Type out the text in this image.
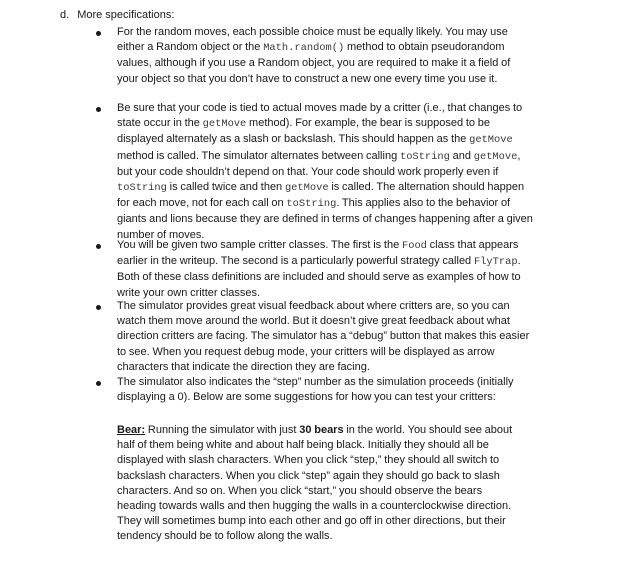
d. More specifications:
For the random moves, each possible choice must be equally likely. You may use either a Random object or the Math.random() method to obtain pseudorandom values, although if you use a Random object, you are required to make it a field of your object so that you don’t have to construct a new one every time you use it.
Be sure that your code is tied to actual moves made by a critter (i.e., that changes to state occur in the getMove method). For example, the bear is supposed to be displayed alternately as a slash or backslash. This should happen as the getMove method is called. The simulator alternates between calling toString and getMove, but your code shouldn’t depend on that. Your code should work properly even if toString is called twice and then getMove is called. The alternation should happen for each move, not for each call on toString. This applies also to the behavior of giants and lions because they are defined in terms of changes happening after a given number of moves.
You will be given two sample critter classes. The first is the Food class that appears earlier in the writeup. The second is a particularly powerful strategy called FlyTrap. Both of these class definitions are included and should serve as examples of how to write your own critter classes.
The simulator provides great visual feedback about where critters are, so you can watch them move around the world. But it doesn’t give great feedback about what direction critters are facing. The simulator has a “debug” button that makes this easier to see. When you request debug mode, your critters will be displayed as arrow characters that indicate the direction they are facing.
The simulator also indicates the “step” number as the simulation proceeds (initially displaying a 0). Below are some suggestions for how you can test your critters:
Bear: Running the simulator with just 30 bears in the world. You should see about half of them being white and about half being black. Initially they should all be displayed with slash characters. When you click “step,” they should all switch to backslash characters. When you click “step” again they should go back to slash characters. And so on. When you click “start,” you should observe the bears heading towards walls and then hugging the walls in a counterclockwise direction. They will sometimes bump into each other and go off in other directions, but their tendency should be to follow along the walls.
